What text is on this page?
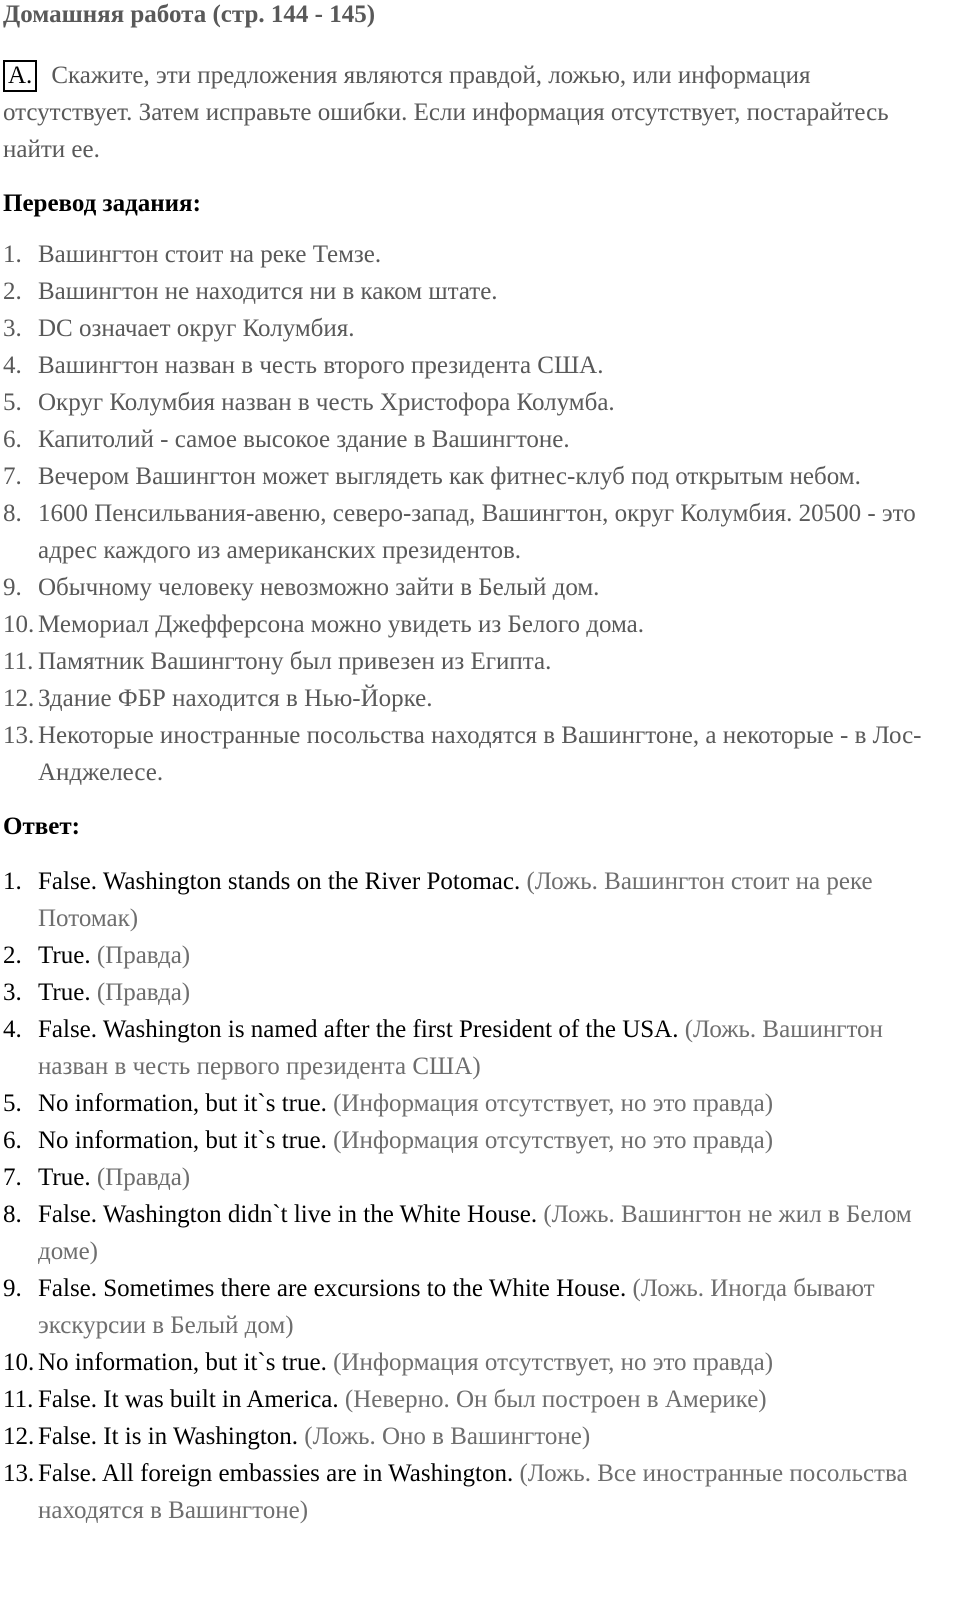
Домашняя работа (стр. 144 - 145)
A. Скажите, эти предложения являются правдой, ложью, или информация отсутствует. Затем исправьте ошибки. Если информация отсутствует, постарайтесь найти ее.
Перевод задания:
1. Вашингтон стоит на реке Темзе.
2. Вашингтон не находится ни в каком штате.
3. DC означает округ Колумбия.
4. Вашингтон назван в честь второго президента США.
5. Округ Колумбия назван в честь Христофора Колумба.
6. Капитолий - самое высокое здание в Вашингтоне.
7. Вечером Вашингтон может выглядеть как фитнес-клуб под открытым небом.
8. 1600 Пенсильвания-авеню, северо-запад, Вашингтон, округ Колумбия. 20500 - это адрес каждого из американских президентов.
9. Обычному человеку невозможно зайти в Белый дом.
10. Мемориал Джефферсона можно увидеть из Белого дома.
11. Памятник Вашингтону был привезен из Египта.
12. Здание ФБР находится в Нью-Йорке.
13. Некоторые иностранные посольства находятся в Вашингтоне, а некоторые - в Лос-Анджелесе.
Ответ:
1. False. Washington stands on the River Potomac. (Ложь. Вашингтон стоит на реке Потомак)
2. True. (Правда)
3. True. (Правда)
4. False. Washington is named after the first President of the USA. (Ложь. Вашингтон назван в честь первого президента США)
5. No information, but it`s true. (Информация отсутствует, но это правда)
6. No information, but it`s true. (Информация отсутствует, но это правда)
7. True. (Правда)
8. False. Washington didn`t live in the White House. (Ложь. Вашингтон не жил в Белом доме)
9. False. Sometimes there are excursions to the White House. (Ложь. Иногда бывают экскурсии в Белый дом)
10. No information, but it`s true. (Информация отсутствует, но это правда)
11. False. It was built in America. (Неверно. Он был построен в Америке)
12. False. It is in Washington. (Ложь. Оно в Вашингтоне)
13. False. All foreign embassies are in Washington. (Ложь. Все иностранные посольства находятся в Вашингтоне)
